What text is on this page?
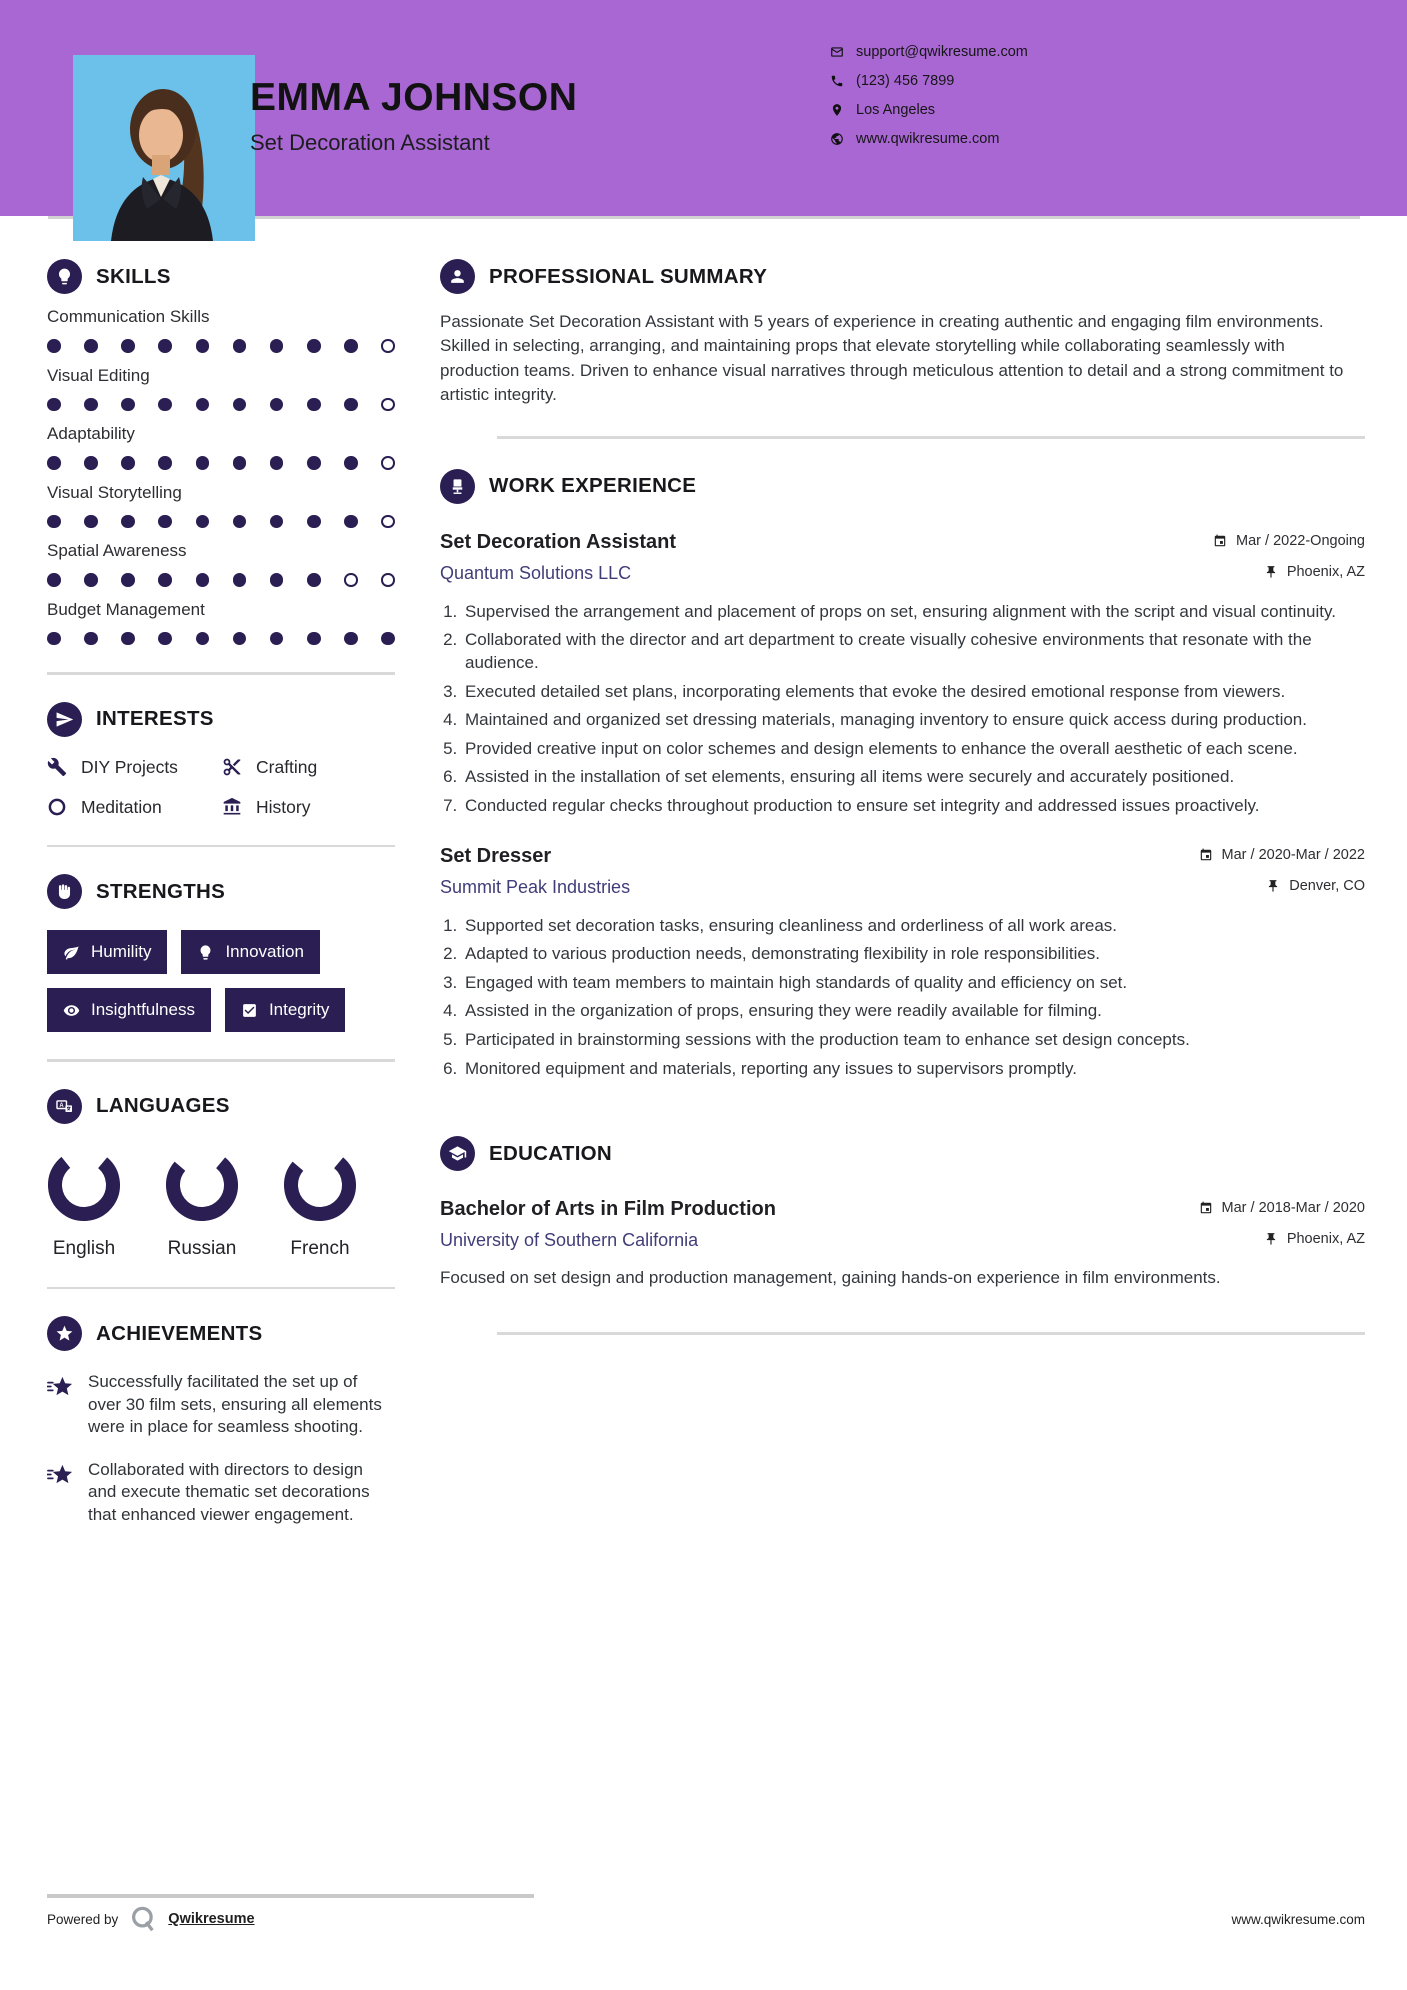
EMMA JOHNSON
Set Decoration Assistant
support@qwikresume.com
(123) 456 7899
Los Angeles
www.qwikresume.com
SKILLS
Communication Skills
Visual Editing
Adaptability
Visual Storytelling
Spatial Awareness
Budget Management
INTERESTS
DIY Projects	Crafting
Meditation	History
STRENGTHS
Humility	Innovation
Insightfulness	Integrity
A LANGUAGES
English	Russian	French
ACHIEVEMENTS
Successfully facilitated the set up of over 30 film sets, ensuring all elements were in place for seamless shooting.
Collaborated with directors to design and execute thematic set decorations that enhanced viewer engagement.
PROFESSIONAL SUMMARY

Passionate Set Decoration Assistant with 5 years of experience in creating authentic and engaging film environments. Skilled in selecting, arranging, and maintaining props that elevate storytelling while collaborating seamlessly with production teams. Driven to enhance visual narratives through meticulous attention to detail and a strong commitment to artistic integrity.

WORK EXPERIENCE
Set Decoration Assistant	Mar / 2022-Ongoing
Quantum Solutions LLC	Phoenix, AZ
1. Supervised the arrangement and placement of props on set, ensuring alignment with the script and visual continuity.
2. Collaborated with the director and art department to create visually cohesive environments that resonate with the audience.
3. Executed detailed set plans, incorporating elements that evoke the desired emotional response from viewers.
4. Maintained and organized set dressing materials, managing inventory to ensure quick access during production.
5. Provided creative input on color schemes and design elements to enhance the overall aesthetic of each scene.
6. Assisted in the installation of set elements, ensuring all items were securely and accurately positioned.
7. Conducted regular checks throughout production to ensure set integrity and addressed issues proactively.
Set Dresser	Mar / 2020-Mar / 2022
Summit Peak Industries	Denver, CO
1. Supported set decoration tasks, ensuring cleanliness and orderliness of all work areas.
2. Adapted to various production needs, demonstrating flexibility in role responsibilities.
3. Engaged with team members to maintain high standards of quality and efficiency on set.
4. Assisted in the organization of props, ensuring they were readily available for filming.
5. Participated in brainstorming sessions with the production team to enhance set design concepts.
6. Monitored equipment and materials, reporting any issues to supervisors promptly.
EDUCATION
Bachelor of Arts in Film Production	Mar / 2018-Mar / 2020
University of Southern California	Phoenix, AZ

Focused on set design and production management, gaining hands-on experience in film environments.

Powered by	Qwikresume	www.qwikresume.com
